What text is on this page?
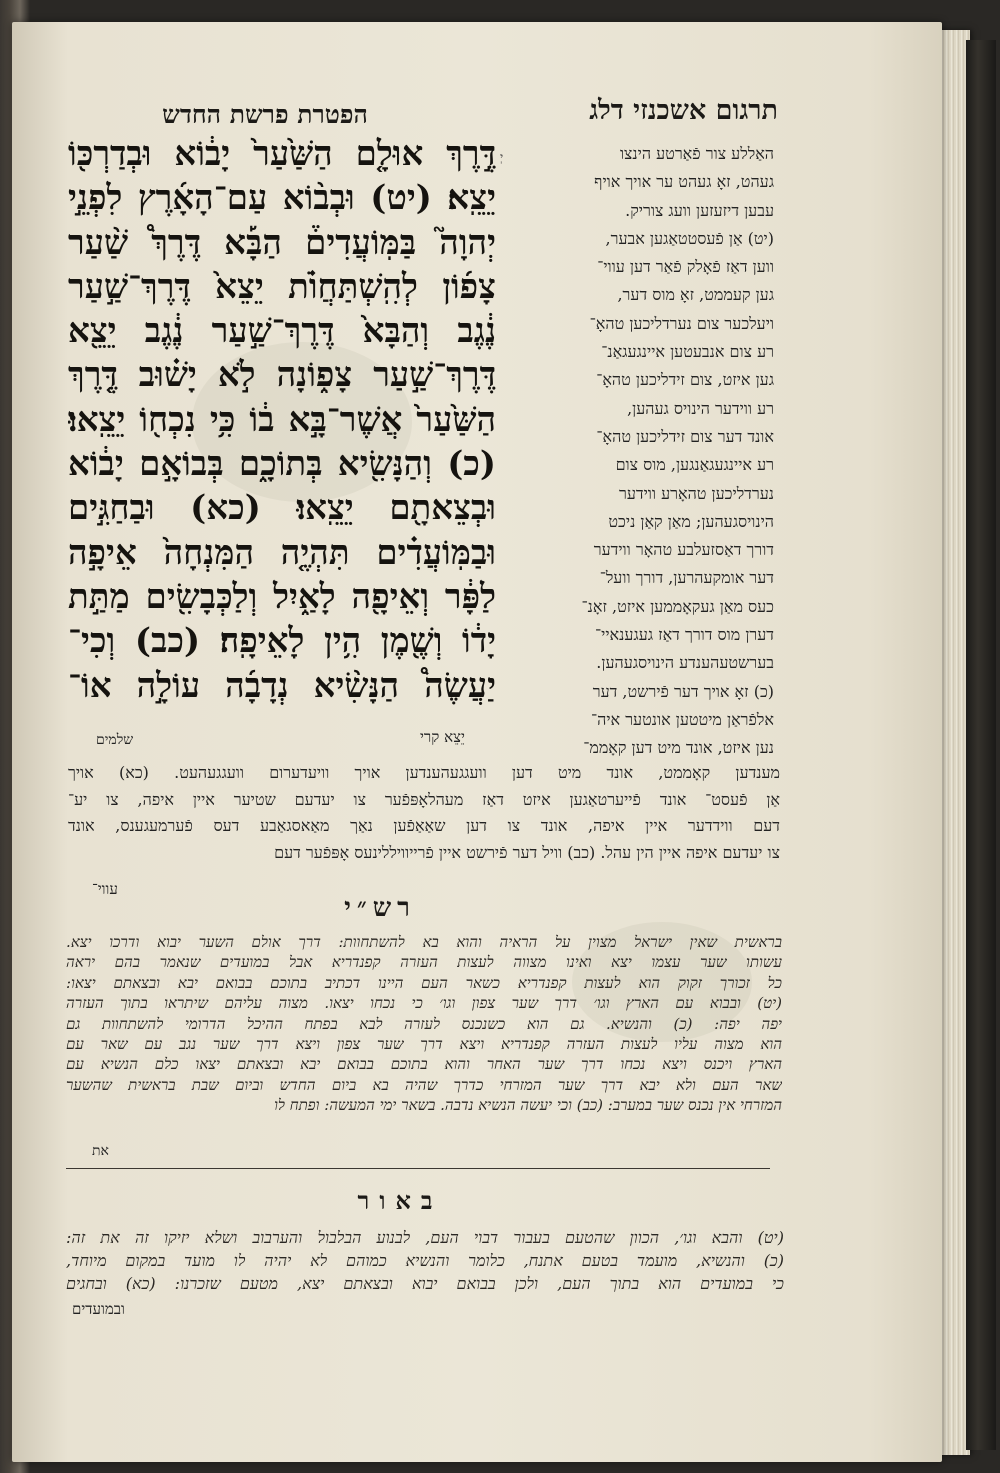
תרגום אשכנזי דלג
הפטרת פרשת החדש
יְ	האַללע צור פֿאַרטע הינצו
געהט, זאָ געהט ער אויך אויף
עבען דיזעזען וועג צוריק.
(יט) אַן פֿעסטטאַגען אבער,
ווען דאַז פֿאָלק פֿאַר דען עווי־
גען קעממט, זאָ מוס דער,
ויעלכער צום נערדליכען טהאָ־
רע צום אנבעטען איינגעגאַנ־
גען איזט, צום זידליכען טהאָ־
רע ווידער הינויס געהען,
אונד דער צום זידליכען טהאָ־
רע איינגעגאַנגען, מוס צום
נערדליכען טהאָרע ווידער
הינויסגעהען; מאַן קאַן ניכט
דורך דאַסזעלבע טהאָר ווידער
דער אומקעהרען, דורך וועל־
כעס מאַן געקאָממען איזט, זאָנ־
דערן מוס דורך דאַז געגענאיי־
בערשטעהענדע הינויסגעהען.
(כ) זאָ אויך דער פֿירשט, דער
אלפֿראַן מיטטען אונטער איה־
נען איזט, אונד מיט דען קאָממ־
דֶּ֣רֶךְ אוּלָ֤ם הַשַּׁ֙עַר֙ יָב֔וֹא וּבְדַרְכּ֖וֹ
יֵצֵֽא׃ (יט) וּבְב֨וֹא עַם־הָאָ֜רֶץ לִפְנֵ֣י
יְהוָה֮ בַּמּֽוֹעֲדִים֒ הַבָּ֡א דֶּרֶךְ֩ שַׁ֨עַר
צָפ֜וֹן לְהִֽשְׁתַּחֲוֺ֗ת יֵצֵא֙ דֶּרֶךְ־שַׁ֣עַר
נֶ֔גֶב וְהַבָּא֙ דֶּרֶךְ־שַׁ֣עַר נֶ֔גֶב יֵצֵ֖א
דֶּרֶךְ־שַׁ֣עַר צָפ֑וֹנָה לֹ֣א יָשׁ֗וּב דֶּ֤רֶךְ
הַשַּׁ֙עַר֙ אֲשֶׁר־בָּ֣א ב֔וֹ כִּ֥י נִכְח֖וֹ יֵצֵֽאוּ׃
(כ) וְהַנָּשִׂ֖יא בְּתוֹכָ֑ם בְּבוֹאָ֣ם יָב֔וֹא
וּבְצֵאתָ֖ם יֵצֵֽאוּ׃ (כא) וּבַחַגִּ֣ים
וּבַמּֽוֹעֲדִ֗ים תִּהְיֶ֤ה הַמִּנְחָה֙ אֵיפָ֣ה
לַפָּ֔ר וְאֵיפָ֖ה לָאַ֑יִל וְלַכְּבָשִׂ֖ים מַתַּ֣ת
יָד֔וֹ וְשֶׁ֖מֶן הִ֥ין לָאֵיפָֽה׃ (כב) וְכִי־
יַעֲשֶׂה֩ הַנָּשִׂ֨יא נְדָבָ֜ה עוֹלָ֣ה אוֹ־
שלמים	יֵצֵא קרי
מענדען קאָממט, אונד מיט דען וועגגעהענדען אויך וויעדערום וועגגעהעט. (כא) אויך
אַן פֿעסט־ אונד פֿייערטאַגען איזט דאַז מעהלאָפּפֿער צו יעדעם שטיער איין איפה, צו יע־
דעם ווידדער איין איפה, אונד צו דען שאַאַפֿען נאַך מאַאסגאַבע דעס פֿערמעגענס, אונד
צו יעדעם איפה איין הין עהל. (כב) וויל דער פֿירשט איין פֿרייוויללינעס אָפּפֿער דעם
עווי־
רש״י
בראשית שאין ישראל מצוין על הראיה והוא בא להשתחוות: דרך אולם השער יבוא ודרכו יצא.
עשותו שער עצמו יצא ואינו מצווה לעצות העזרה קפנדריא אבל במועדים שנאמר בהם יראה
כל זכורך זקוק הוא לעצות קפנדריא כשאר העם היינו דכתיב בתוכם בבואם יבא ובצאתם יצאו:
(יט) ובבוא עם הארץ וגו׳ דרך שער צפון וגו׳ כי נכחו יצאו. מצוה עליהם שיתראו בתוך העזרה
יפה יפה: (כ) והנשיא. גם הוא כשנכנס לעזרה לבא בפתח ההיכל הדרומי להשתחוות גם
הוא מצוה עליו לעצות העזרה קפנדריא ויצא דרך שער צפון ויצא דרך שער נגב עם שאר עם
הארץ ויכנס ויצא נכחו דרך שער האחר והוא בתוכם בבואם יבא ובצאתם יצאו כלם הנשיא עם
שאר העם ולא יבא דרך שער המזרחי כדרך שהיה בא ביום החדש וביום שבת בראשית שהשער
המזרחי אין נכנס שער במערב: (כב) וכי יעשה הנשיא נדבה. בשאר ימי המעשה: ופתח לו
את
באור
(יט) והבא וגו׳, הכוון שהטעם בעבור דבוי העם, לבנוע הבלבול והערבוב ושלא יזיקו זה את זה:
(כ) והנשיא, מועמד בטעם אתנח, כלומר והנשיא כמוהם לא יהיה לו מועד במקום מיוחד,
כי במועדים הוא בתוך העם, ולכן בבואם יבוא ובצאתם יצא, מטעם שזכרנו: (כא) ובחגים
ובמועדים
